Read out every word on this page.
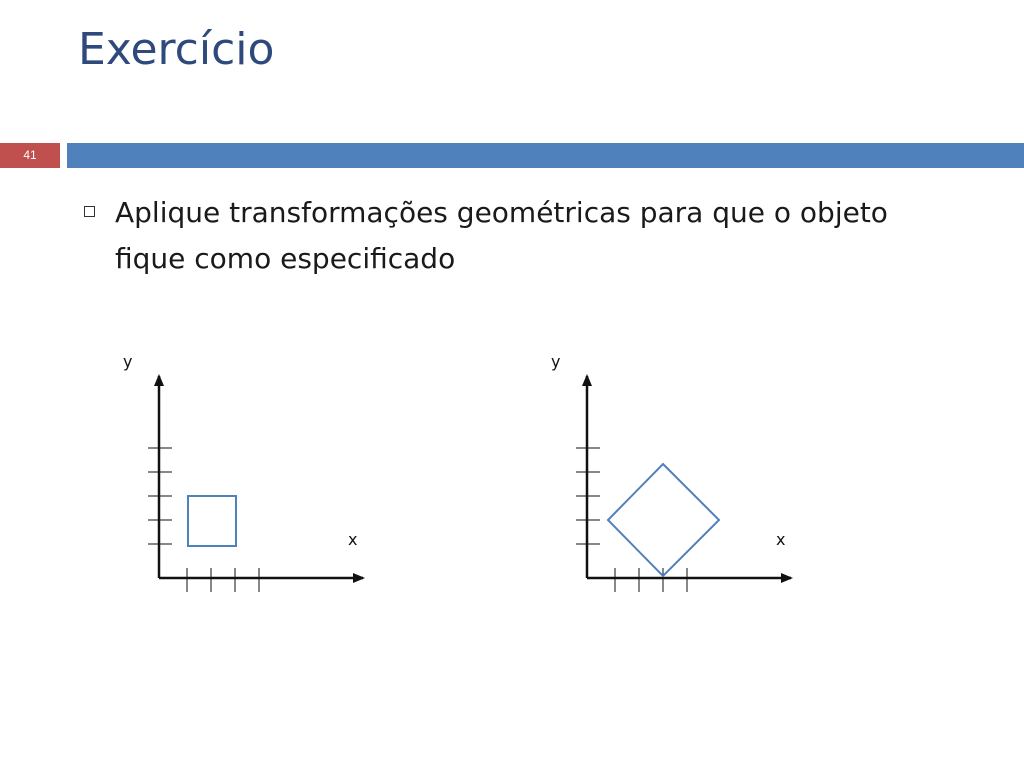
Exercício
41
Aplique transformações geométricas para que o objeto fique como especificado
y
x
y
x
